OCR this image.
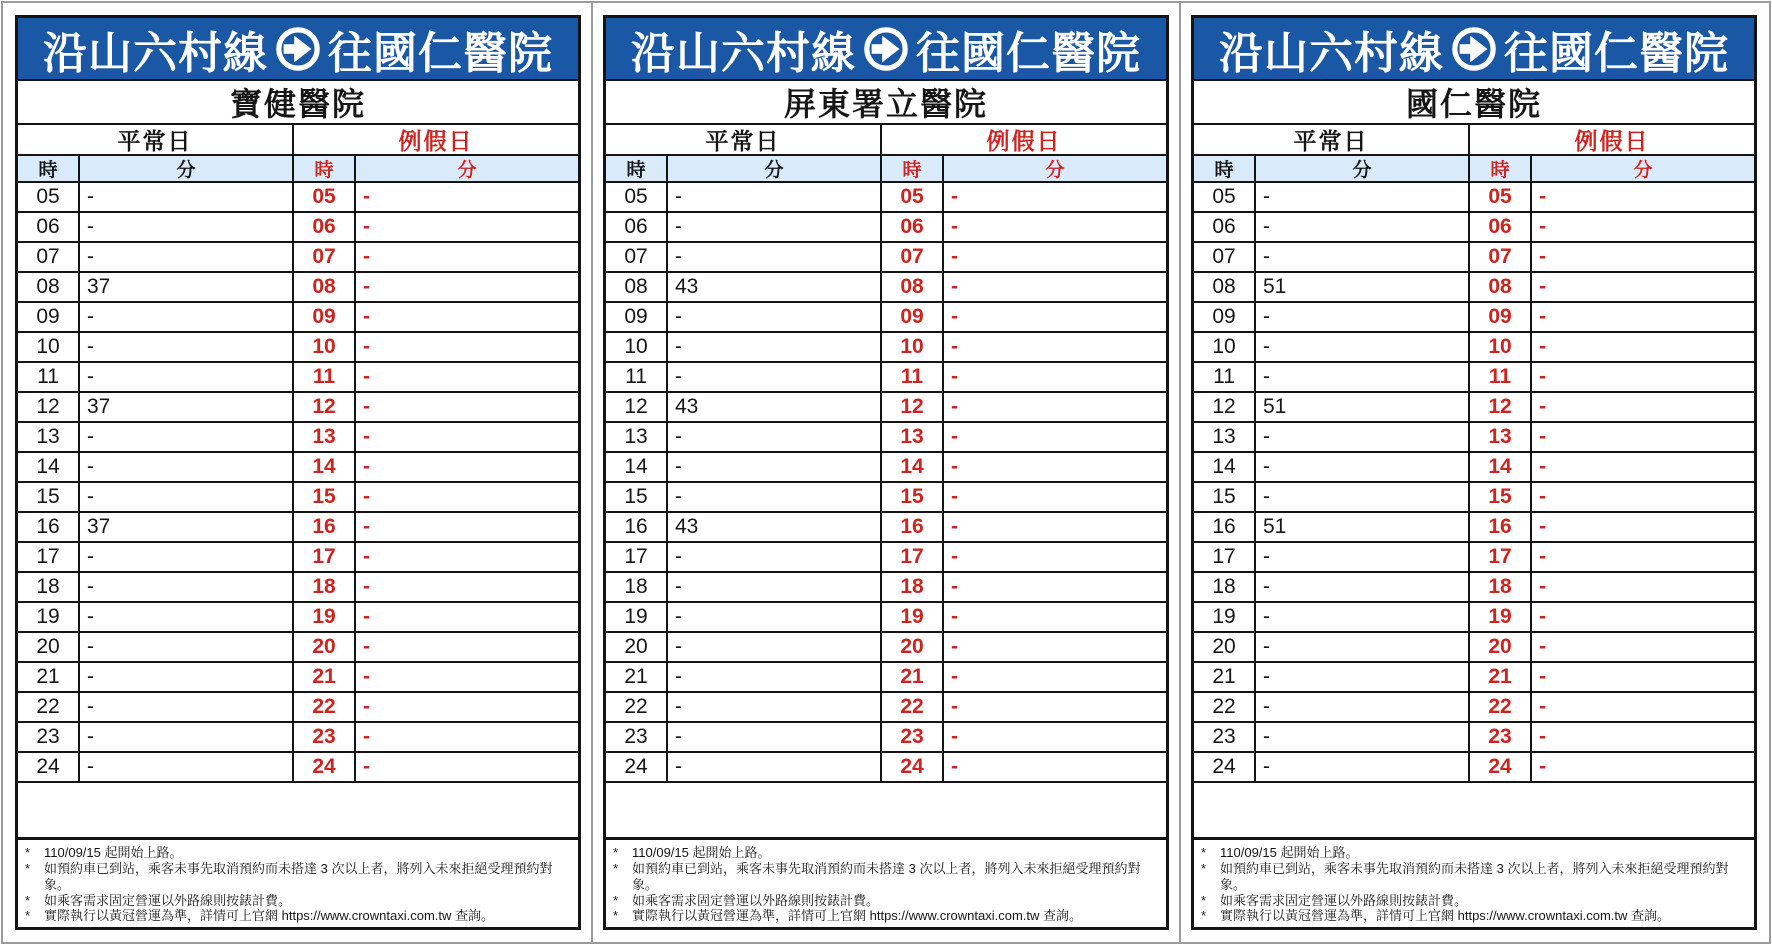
沿山六村線 往國仁醫院
寶健醫院
平常日	例假日
時	分	時	分
05	-	05	-
06	-	06	-
07	-	07	-
08	37	08	-
09	-	09	-
10	-	10	-
11	-	11	-
12	37	12	-
13	-	13	-
14	-	14	-
15	-	15	-
16	37	16	-
17	-	17	-
18	-	18	-
19	-	19	-
20	-	20	-
21	-	21	-
22	-	22	-
23	-	23	-
24	-	24	-
*	110/09/15 起開始上路。
*	如預約車已到站，乘客未事先取消預約而未搭達 3 次以上者，將列入未來拒絕受理預約對象。
*	如乘客需求固定營運以外路線則按錶計費。
*	實際執行以黃冠營運為準，詳情可上官網 https://www.crowntaxi.com.tw 查詢。
沿山六村線 往國仁醫院
屏東署立醫院
平常日	例假日
時	分	時	分
05	-	05	-
06	-	06	-
07	-	07	-
08	43	08	-
09	-	09	-
10	-	10	-
11	-	11	-
12	43	12	-
13	-	13	-
14	-	14	-
15	-	15	-
16	43	16	-
17	-	17	-
18	-	18	-
19	-	19	-
20	-	20	-
21	-	21	-
22	-	22	-
23	-	23	-
24	-	24	-
*	110/09/15 起開始上路。
*	如預約車已到站，乘客未事先取消預約而未搭達 3 次以上者，將列入未來拒絕受理預約對象。
*	如乘客需求固定營運以外路線則按錶計費。
*	實際執行以黃冠營運為準，詳情可上官網 https://www.crowntaxi.com.tw 查詢。
沿山六村線 往國仁醫院
國仁醫院
平常日	例假日
時	分	時	分
05	-	05	-
06	-	06	-
07	-	07	-
08	51	08	-
09	-	09	-
10	-	10	-
11	-	11	-
12	51	12	-
13	-	13	-
14	-	14	-
15	-	15	-
16	51	16	-
17	-	17	-
18	-	18	-
19	-	19	-
20	-	20	-
21	-	21	-
22	-	22	-
23	-	23	-
24	-	24	-
*	110/09/15 起開始上路。
*	如預約車已到站，乘客未事先取消預約而未搭達 3 次以上者，將列入未來拒絕受理預約對象。
*	如乘客需求固定營運以外路線則按錶計費。
*	實際執行以黃冠營運為準，詳情可上官網 https://www.crowntaxi.com.tw 查詢。
